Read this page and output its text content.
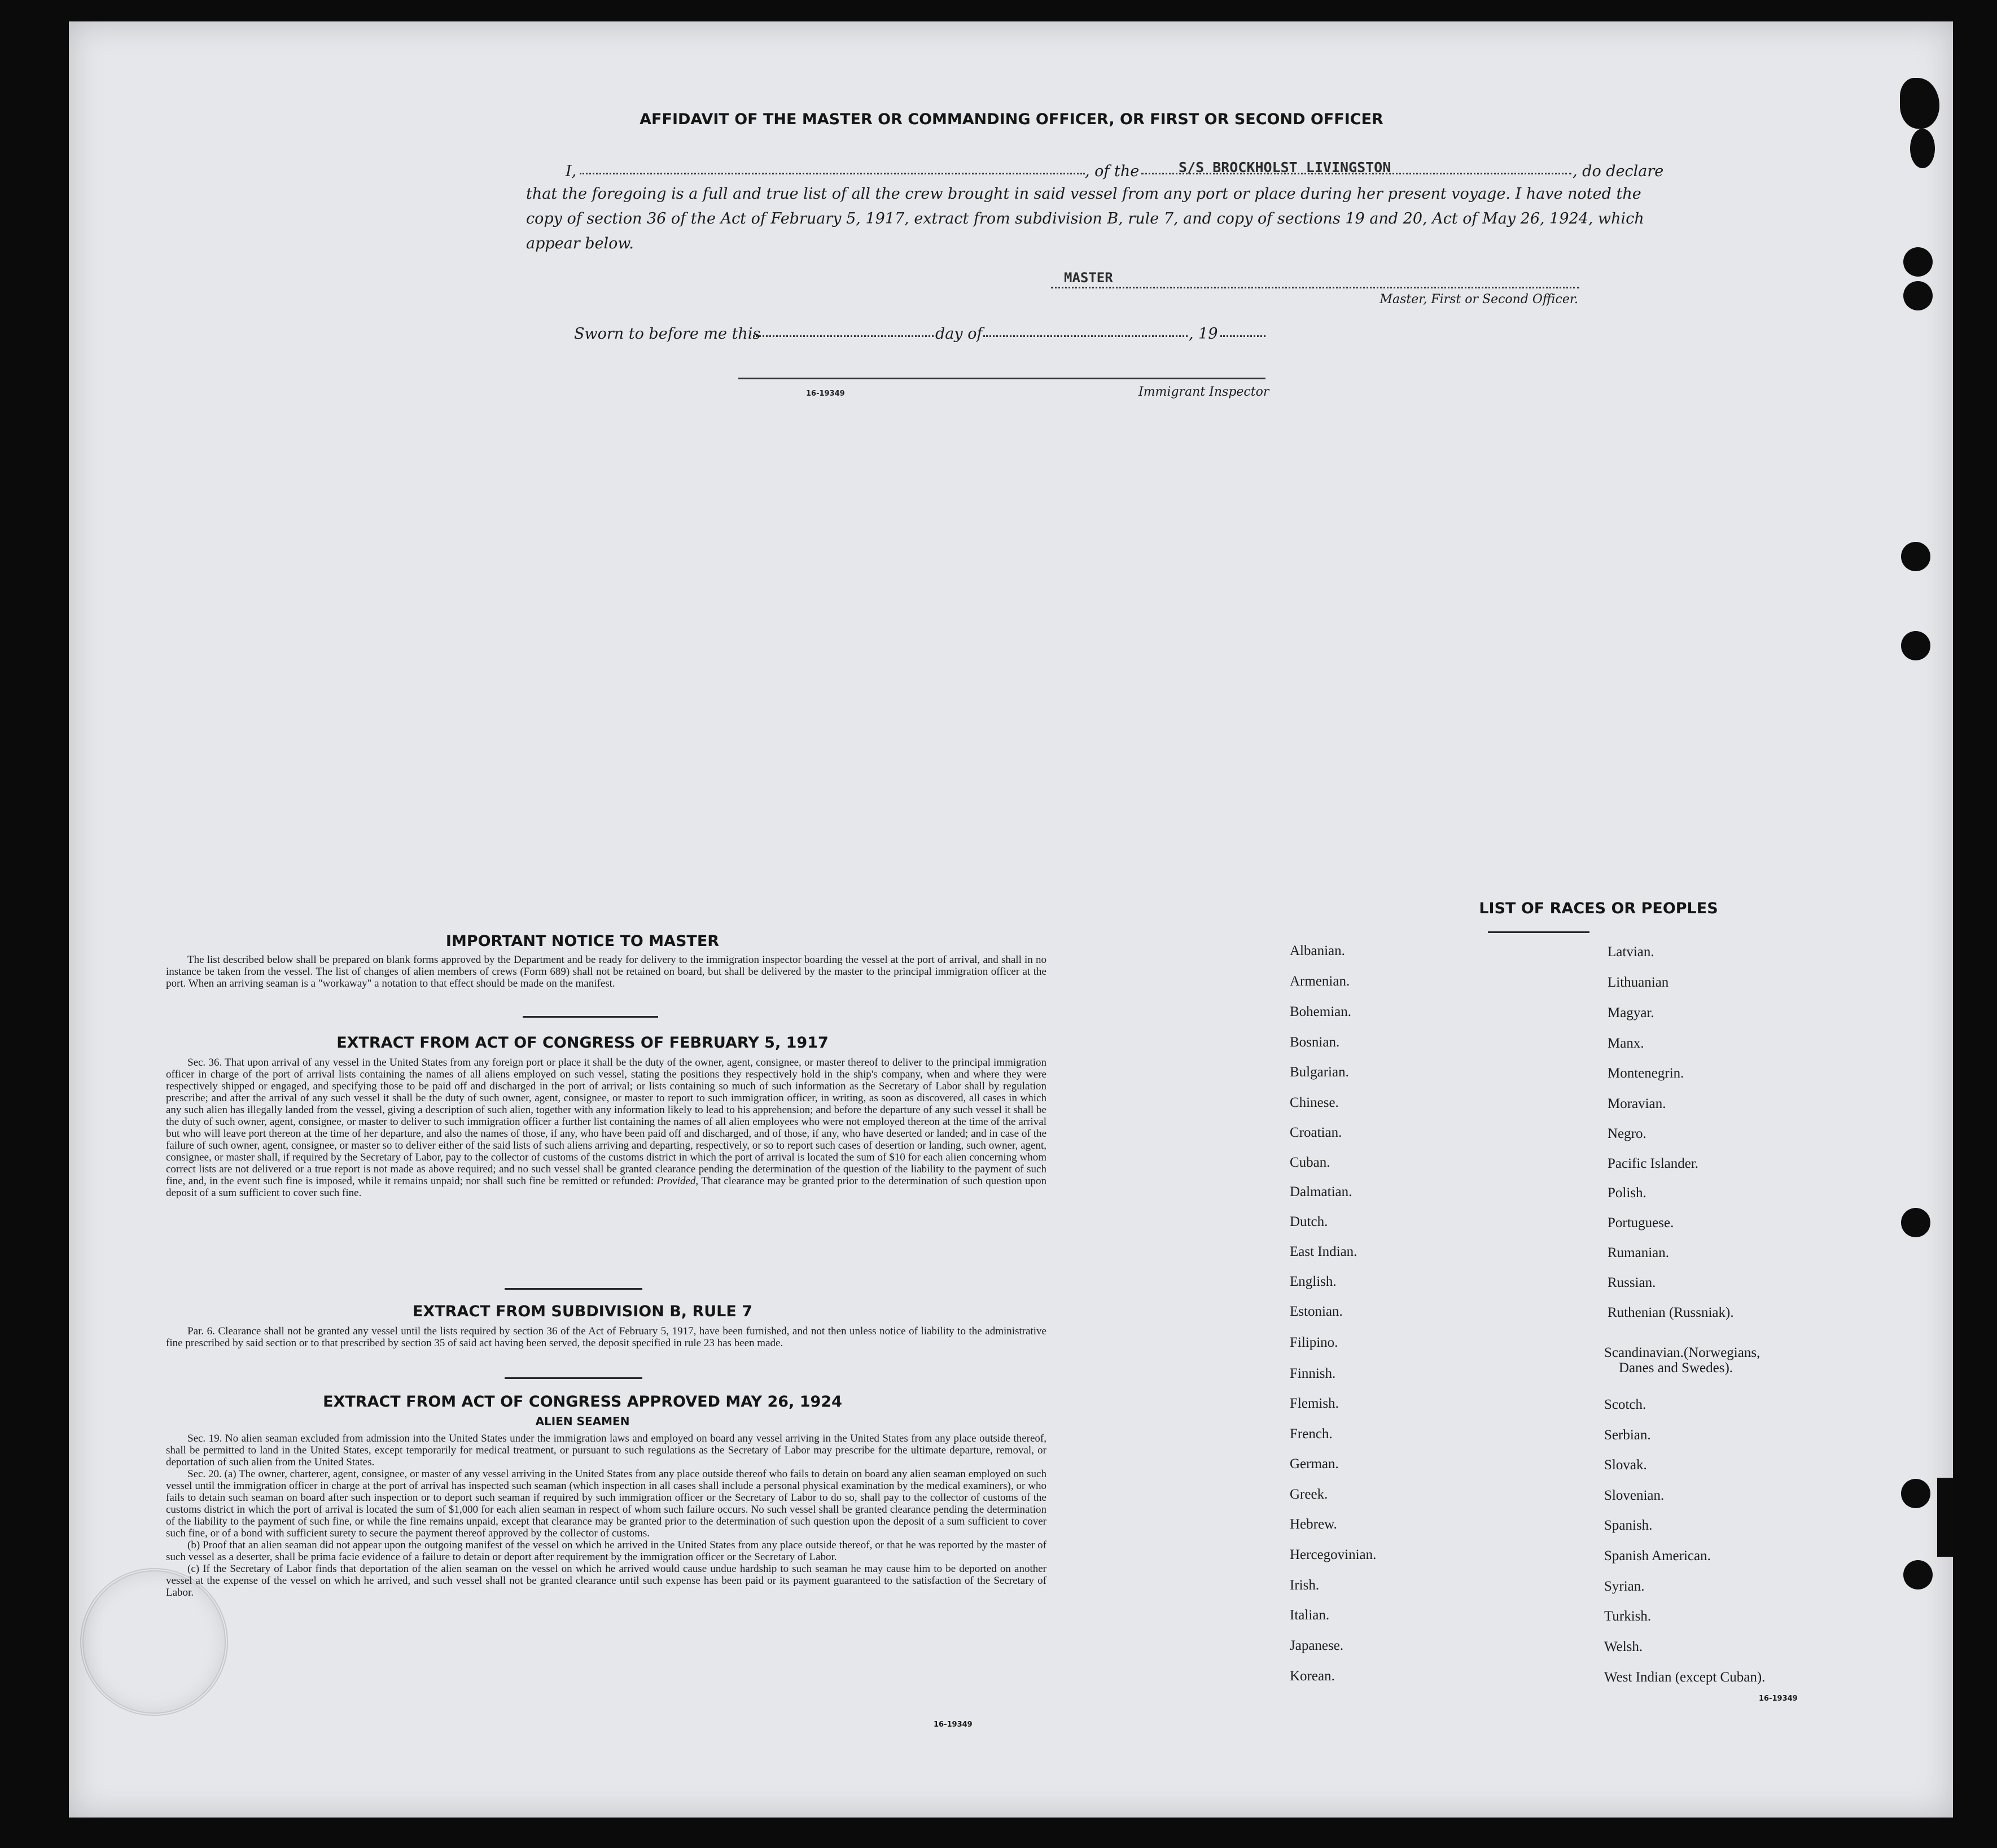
AFFIDAVIT OF THE MASTER OR COMMANDING OFFICER, OR FIRST OR SECOND OFFICER
I,	, of the	S/S BROCKHOLST LIVINGSTON	, do declare
that the foregoing is a full and true list of all the crew brought in said vessel from any port or place during her present voyage. I have noted the copy of section 36 of the Act of February 5, 1917, extract from subdivision B, rule 7, and copy of sections 19 and 20, Act of May 26, 1924, which appear below.
MASTER
Master, First or Second Officer.
Sworn to before me this	day of	, 19
16-19349	Immigrant Inspector
IMPORTANT NOTICE TO MASTER

The list described below shall be prepared on blank forms approved by the Department and be ready for delivery to the immigration inspector boarding the vessel at the port of arrival, and shall in no instance be taken from the vessel. The list of changes of alien members of crews (Form 689) shall not be retained on board, but shall be delivered by the master to the principal immigration officer at the port. When an arriving seaman is a "workaway" a notation to that effect should be made on the manifest.

EXTRACT FROM ACT OF CONGRESS OF FEBRUARY 5, 1917

Sec. 36. That upon arrival of any vessel in the United States from any foreign port or place it shall be the duty of the owner, agent, consignee, or master thereof to deliver to the principal immigration officer in charge of the port of arrival lists containing the names of all aliens employed on such vessel, stating the positions they respectively hold in the ship's company, when and where they were respectively shipped or engaged, and specifying those to be paid off and discharged in the port of arrival; or lists containing so much of such information as the Secretary of Labor shall by regulation prescribe; and after the arrival of any such vessel it shall be the duty of such owner, agent, consignee, or master to report to such immigration officer, in writing, as soon as discovered, all cases in which any such alien has illegally landed from the vessel, giving a description of such alien, together with any information likely to lead to his apprehension; and before the departure of any such vessel it shall be the duty of such owner, agent, consignee, or master to deliver to such immigration officer a further list containing the names of all alien employees who were not employed thereon at the time of the arrival but who will leave port thereon at the time of her departure, and also the names of those, if any, who have been paid off and discharged, and of those, if any, who have deserted or landed; and in case of the failure of such owner, agent, consignee, or master so to deliver either of the said lists of such aliens arriving and departing, respectively, or so to report such cases of desertion or landing, such owner, agent, consignee, or master shall, if required by the Secretary of Labor, pay to the collector of customs of the customs district in which the port of arrival is located the sum of $10 for each alien concerning whom correct lists are not delivered or a true report is not made as above required; and no such vessel shall be granted clearance pending the determination of the question of the liability to the payment of such fine, and, in the event such fine is imposed, while it remains unpaid; nor shall such fine be remitted or refunded: Provided, That clearance may be granted prior to the determination of such question upon deposit of a sum sufficient to cover such fine.

EXTRACT FROM SUBDIVISION B, RULE 7

Par. 6. Clearance shall not be granted any vessel until the lists required by section 36 of the Act of February 5, 1917, have been furnished, and not then unless notice of liability to the administrative fine prescribed by said section or to that prescribed by section 35 of said act having been served, the deposit specified in rule 23 has been made.

EXTRACT FROM ACT OF CONGRESS APPROVED MAY 26, 1924
ALIEN SEAMEN

Sec. 19. No alien seaman excluded from admission into the United States under the immigration laws and employed on board any vessel arriving in the United States from any place outside thereof, shall be permitted to land in the United States, except temporarily for medical treatment, or pursuant to such regulations as the Secretary of Labor may prescribe for the ultimate departure, removal, or deportation of such alien from the United States.

Sec. 20. (a) The owner, charterer, agent, consignee, or master of any vessel arriving in the United States from any place outside thereof who fails to detain on board any alien seaman employed on such vessel until the immigration officer in charge at the port of arrival has inspected such seaman (which inspection in all cases shall include a personal physical examination by the medical examiners), or who fails to detain such seaman on board after such inspection or to deport such seaman if required by such immigration officer or the Secretary of Labor to do so, shall pay to the collector of customs of the customs district in which the port of arrival is located the sum of $1,000 for each alien seaman in respect of whom such failure occurs. No such vessel shall be granted clearance pending the determination of the liability to the payment of such fine, or while the fine remains unpaid, except that clearance may be granted prior to the determination of such question upon the deposit of a sum sufficient to cover such fine, or of a bond with sufficient surety to secure the payment thereof approved by the collector of customs.

(b) Proof that an alien seaman did not appear upon the outgoing manifest of the vessel on which he arrived in the United States from any place outside thereof, or that he was reported by the master of such vessel as a deserter, shall be prima facie evidence of a failure to detain or deport after requirement by the immigration officer or the Secretary of Labor.

(c) If the Secretary of Labor finds that deportation of the alien seaman on the vessel on which he arrived would cause undue hardship to such seaman he may cause him to be deported on another vessel at the expense of the vessel on which he arrived, and such vessel shall not be granted clearance until such expense has been paid or its payment guaranteed to the satisfaction of the Secretary of Labor.

16-19349
LIST OF RACES OR PEOPLES
Albanian.
Armenian.
Bohemian.
Bosnian.
Bulgarian.
Chinese.
Croatian.
Cuban.
Dalmatian.
Dutch.
East Indian.
English.
Estonian.
Filipino.
Finnish.
Flemish.
French.
German.
Greek.
Hebrew.
Hercegovinian.
Irish.
Italian.
Japanese.
Korean.
Latvian.
Lithuanian
Magyar.
Manx.
Montenegrin.
Moravian.
Negro.
Pacific Islander.
Polish.
Portuguese.
Rumanian.
Russian.
Ruthenian (Russniak).
Scandinavian.(Norwegians,
Danes and Swedes).
Scotch.
Serbian.
Slovak.
Slovenian.
Spanish.
Spanish American.
Syrian.
Turkish.
Welsh.
West Indian (except Cuban).
16-19349
